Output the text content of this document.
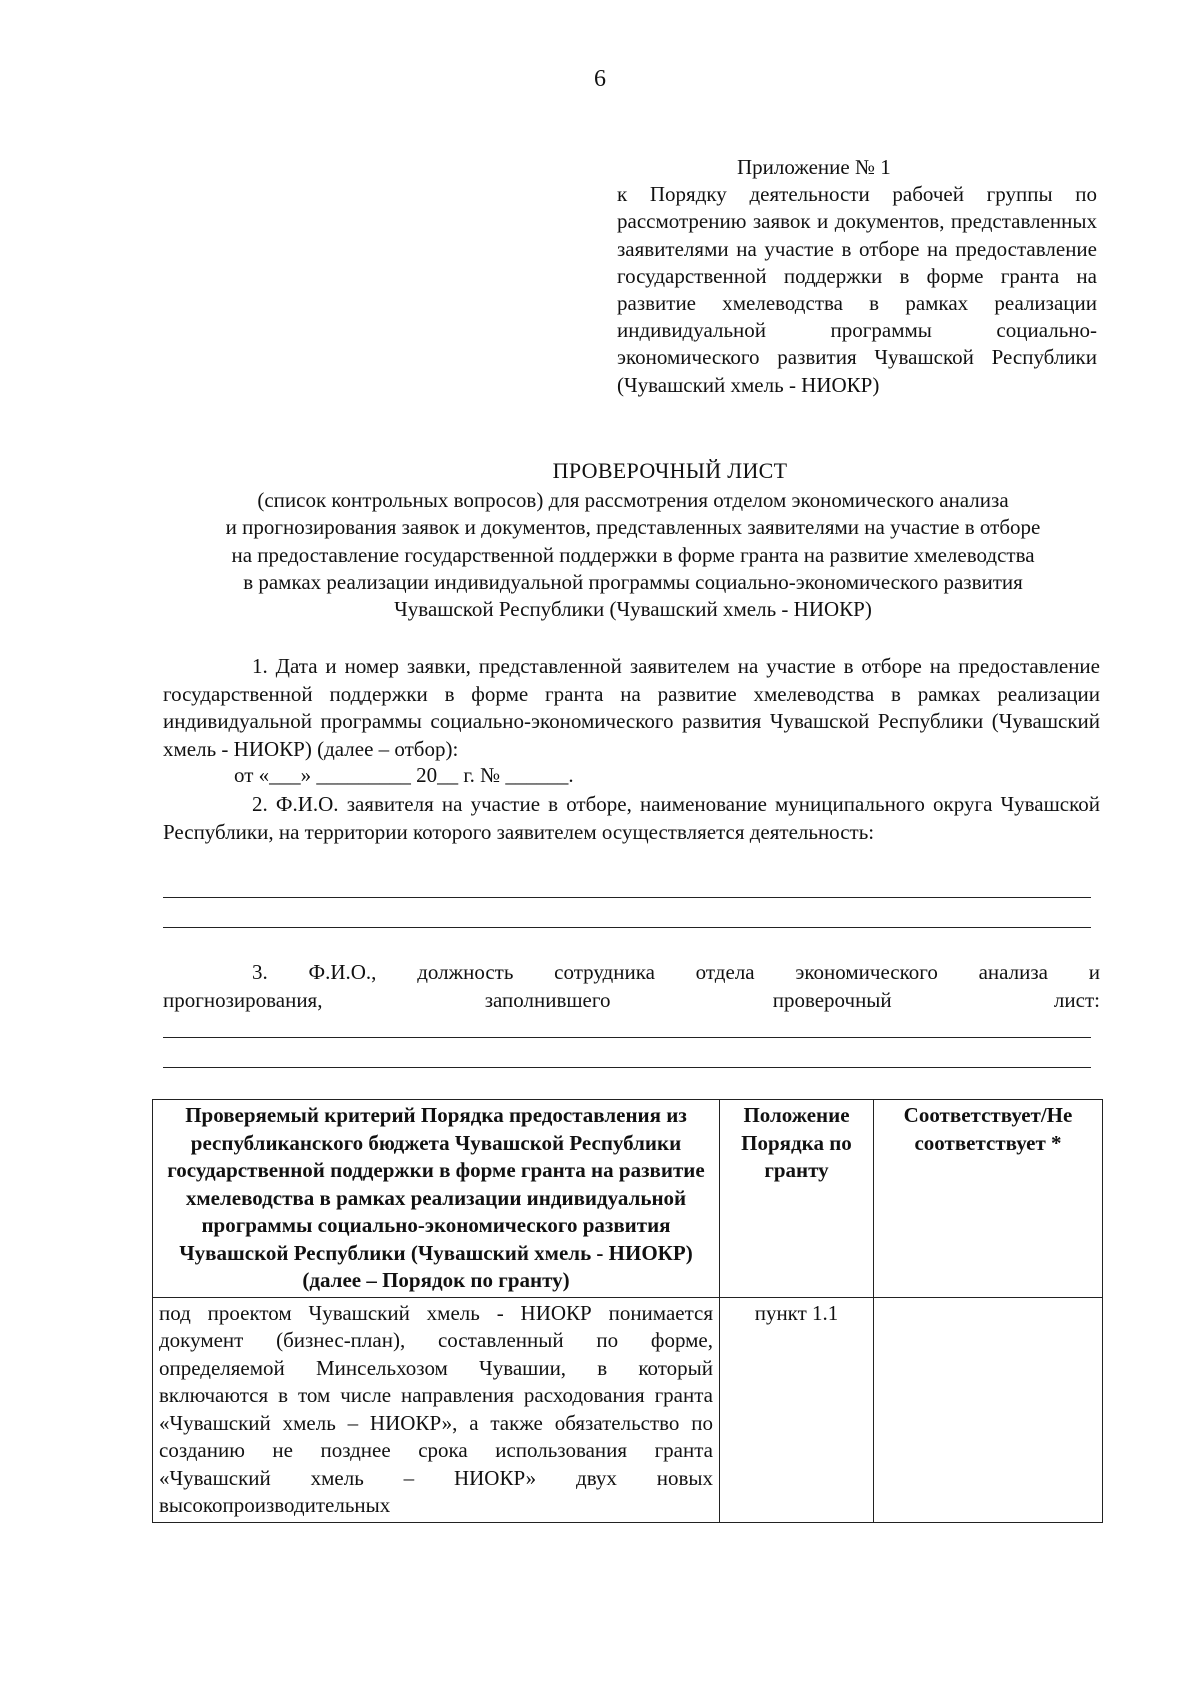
6
Приложение № 1
к Порядку деятельности рабочей группы по рассмотрению заявок и документов, представленных заявителями на участие в отборе на предоставление государственной поддержки в форме гранта на развитие хмелеводства в рамках реализации индивидуальной программы социально-экономического развития Чувашской Республики (Чувашский хмель - НИОКР)
ПРОВЕРОЧНЫЙ ЛИСТ
(список контрольных вопросов) для рассмотрения отделом экономического анализа
и прогнозирования заявок и документов, представленных заявителями на участие в отборе
на предоставление государственной поддержки в форме гранта на развитие хмелеводства
в рамках реализации индивидуальной программы социально-экономического развития
Чувашской Республики (Чувашский хмель - НИОКР)
1. Дата и номер заявки, представленной заявителем на участие в отборе на предоставление государственной поддержки в форме гранта на развитие хмелеводства в рамках реализации индивидуальной программы социально-экономического развития Чувашской Республики (Чувашский хмель - НИОКР) (далее – отбор):
от «___» _________ 20__ г. № ______.
2. Ф.И.О. заявителя на участие в отборе, наименование муниципального округа Чувашской Республики, на территории которого заявителем осуществляется деятельность:
3. Ф.И.О., должность сотрудника отдела экономического анализа и
прогнозирования,	заполнившего	проверочный	лист:
Проверяемый критерий Порядка предоставления из республиканского бюджета Чувашской Республики государственной поддержки в форме гранта на развитие хмелеводства в рамках реализации индивидуальной программы социально-экономического развития Чувашской Республики (Чувашский хмель - НИОКР) (далее – Порядок по гранту)	Положение Порядка по гранту	Соответствует/Не соответствует *
под проектом Чувашский хмель - НИОКР понимается документ (бизнес-план), составленный по форме, определяемой Минсельхозом Чувашии, в который включаются в том числе направления расходования гранта «Чувашский хмель – НИОКР», а также обязательство по созданию не позднее срока использования гранта «Чувашский хмель – НИОКР» двух новых высокопроизводительных	пункт 1.1	
